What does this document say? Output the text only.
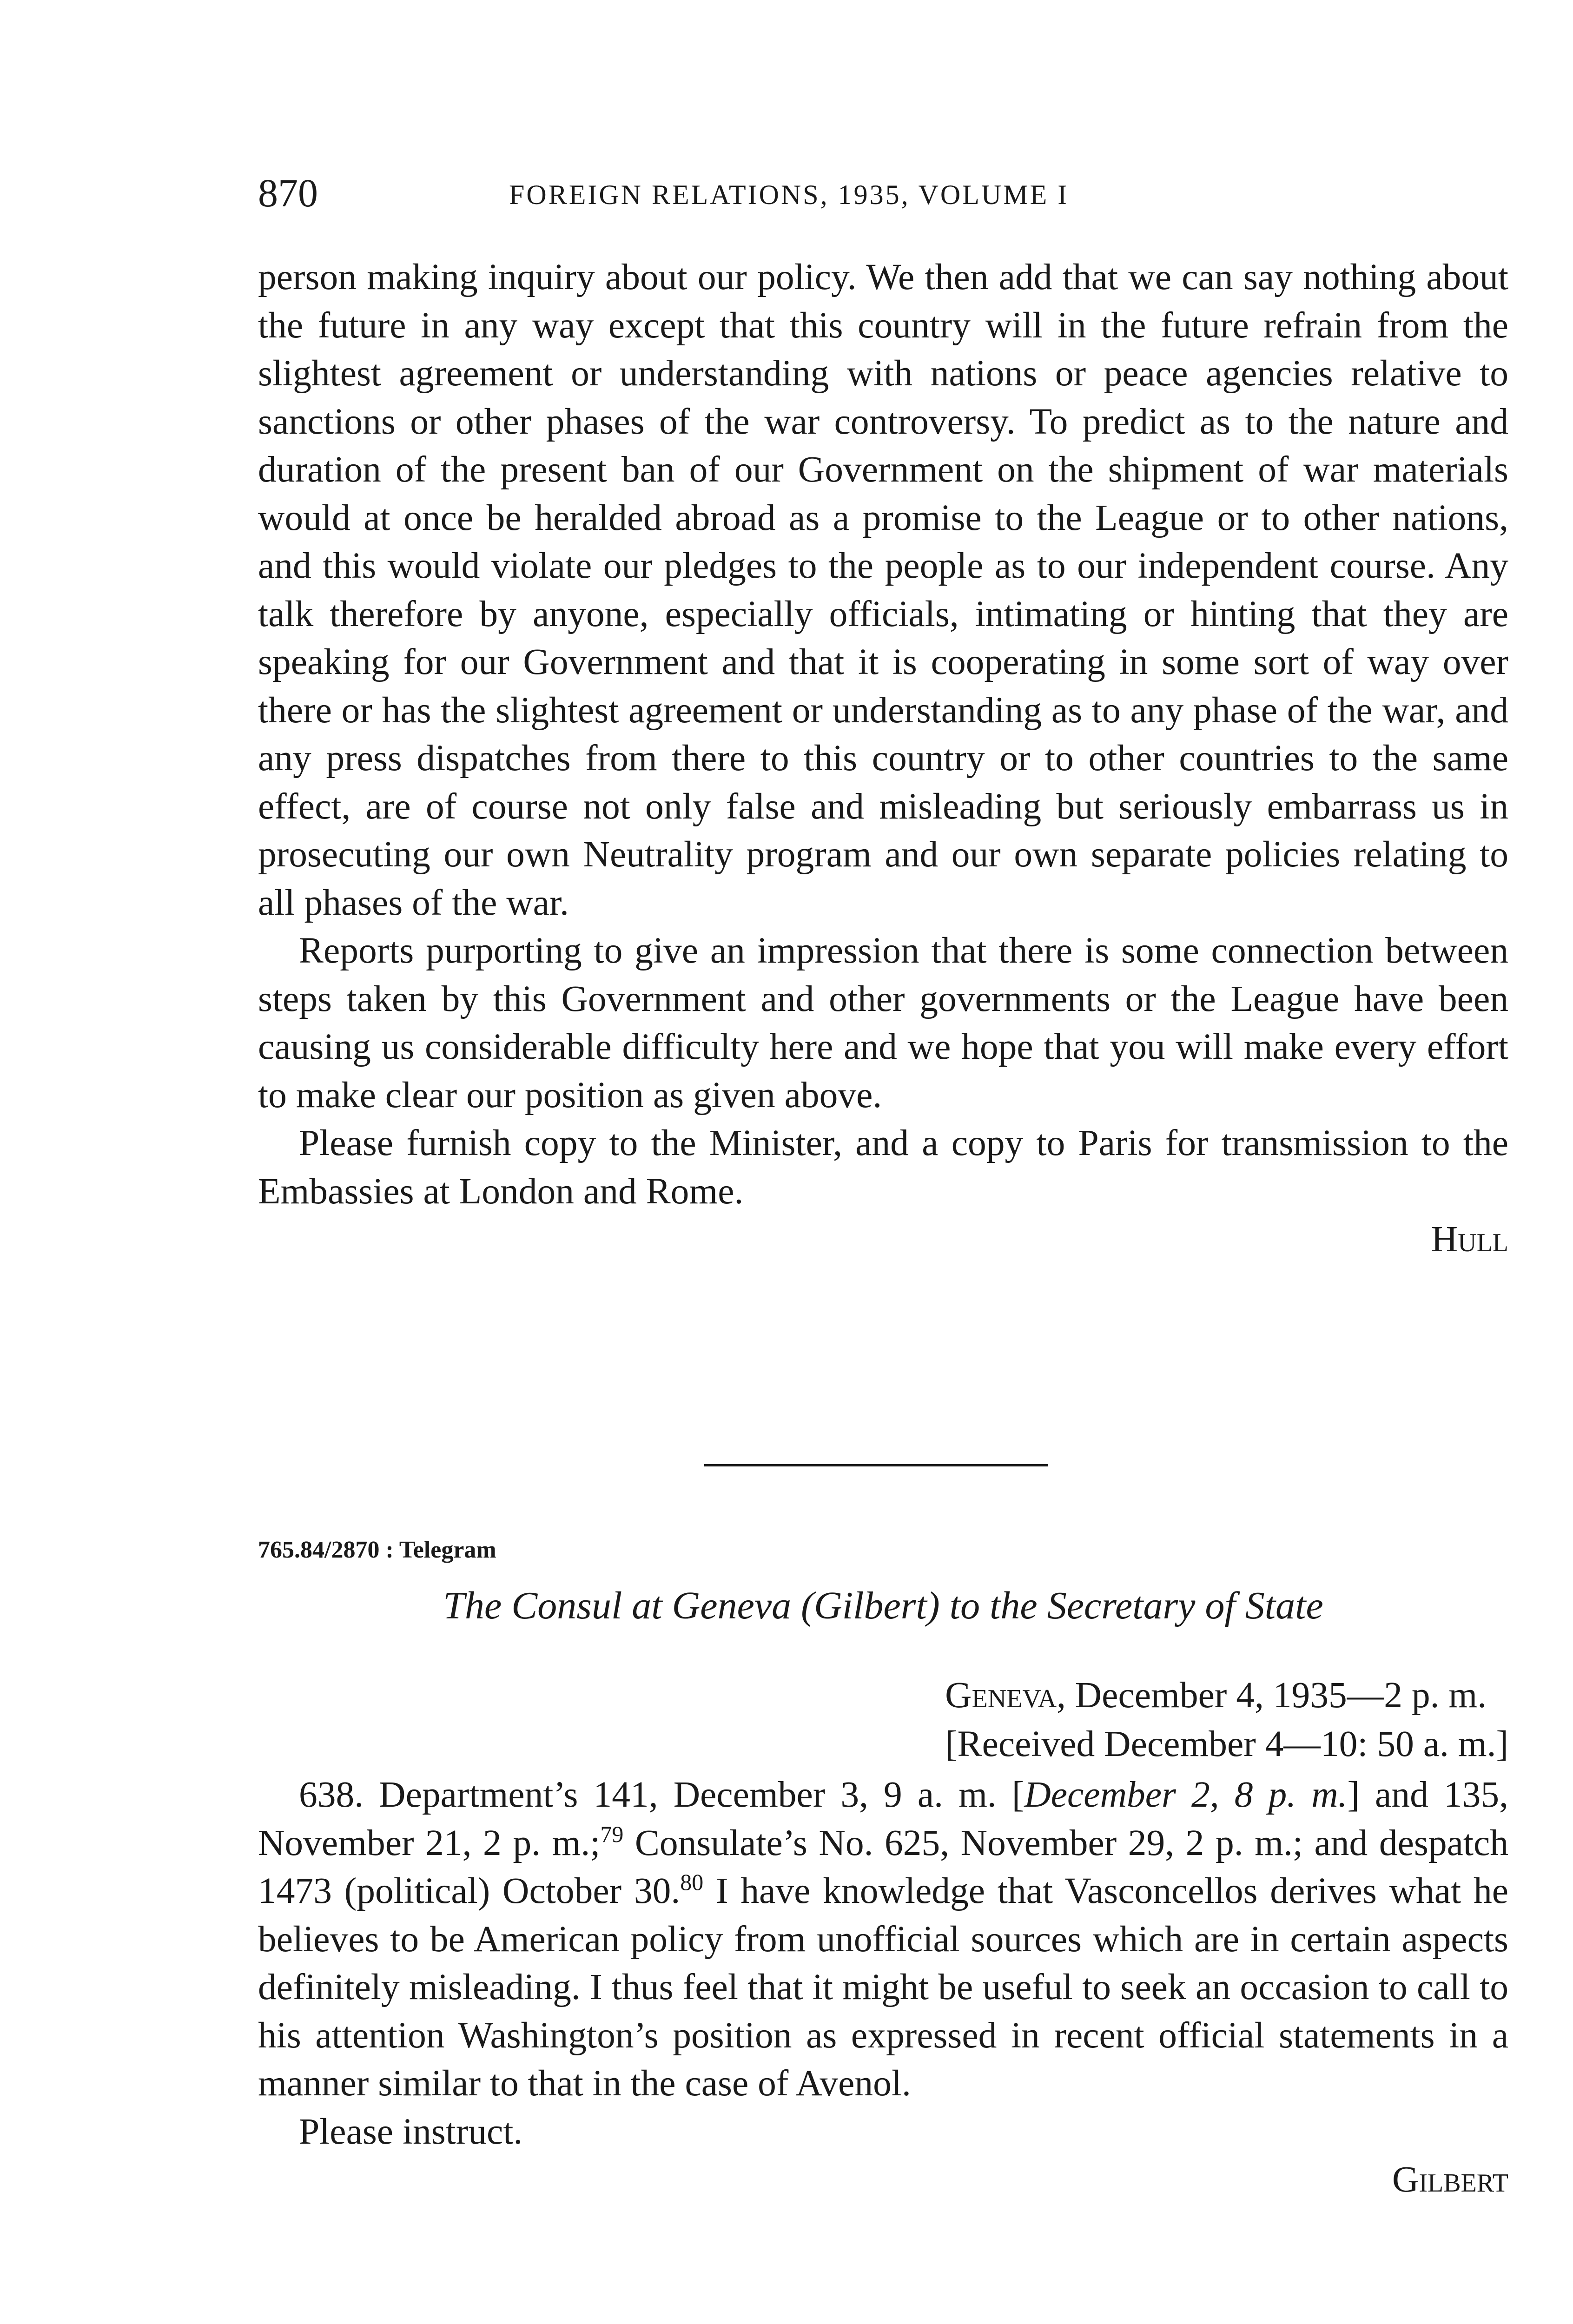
870	FOREIGN RELATIONS, 1935, VOLUME I

person making inquiry about our policy. We then add that we can say nothing about the future in any way except that this country will in the future refrain from the slightest agreement or understanding with nations or peace agencies relative to sanctions or other phases of the war controversy. To predict as to the nature and duration of the present ban of our Government on the shipment of war materials would at once be heralded abroad as a promise to the League or to other nations, and this would violate our pledges to the people as to our independent course. Any talk therefore by anyone, especially officials, intimating or hinting that they are speaking for our Government and that it is cooperating in some sort of way over there or has the slightest agreement or understanding as to any phase of the war, and any press dispatches from there to this country or to other countries to the same effect, are of course not only false and misleading but seriously embarrass us in prosecuting our own Neutrality program and our own separate policies relating to all phases of the war.

Reports purporting to give an impression that there is some connection between steps taken by this Government and other governments or the League have been causing us considerable difficulty here and we hope that you will make every effort to make clear our position as given above.

Please furnish copy to the Minister, and a copy to Paris for transmission to the Embassies at London and Rome.

Hull

765.84/2870 : Telegram
The Consul at Geneva (Gilbert) to the Secretary of State
Geneva, December 4, 1935—2 p. m.
[Received December 4—10: 50 a. m.]

638. Department’s 141, December 3, 9 a. m. [December 2, 8 p. m.] and 135, November 21, 2 p. m.;$^{79}$ Consulate’s No. 625, November 29, 2 p. m.; and despatch 1473 (political) October 30.80 I have knowledge that Vasconcellos derives what he believes to be American policy from unofficial sources which are in certain aspects definitely misleading. I thus feel that it might be useful to seek an occasion to call to his attention Washington’s position as expressed in recent official statements in a manner similar to that in the case of Avenol.

Please instruct.

Gilbert
